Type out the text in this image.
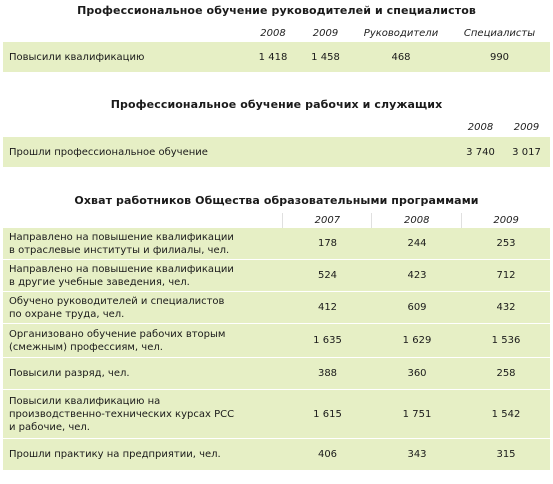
Профессиональное обучение руководителей и специалистов
2008	2009	Руководители	Специалисты
Повысили квалификацию	1 418	1 458	468	990
Профессиональное обучение рабочих и служащих
2008	2009
Прошли профессиональное обучение	3 740	3 017
Охват работников Общества образовательными программами
2007	2008	2009
Направлено на повышение квалификации
в отраслевые институты и филиалы, чел.
178	244	253
Направлено на повышение квалификации
в другие учебные заведения, чел.
524	423	712
Обучено руководителей и специалистов
по охране труда, чел.
412	609	432
Организовано обучение рабочих вторым
(смежным) профессиям, чел.
1 635	1 629	1 536
Повысили разряд, чел.	388	360	258
Повысили квалификацию на
производственно-технических курсах РСС
и рабочие, чел.
1 615	1 751	1 542
Прошли практику на предприятии, чел.	406	343	315
